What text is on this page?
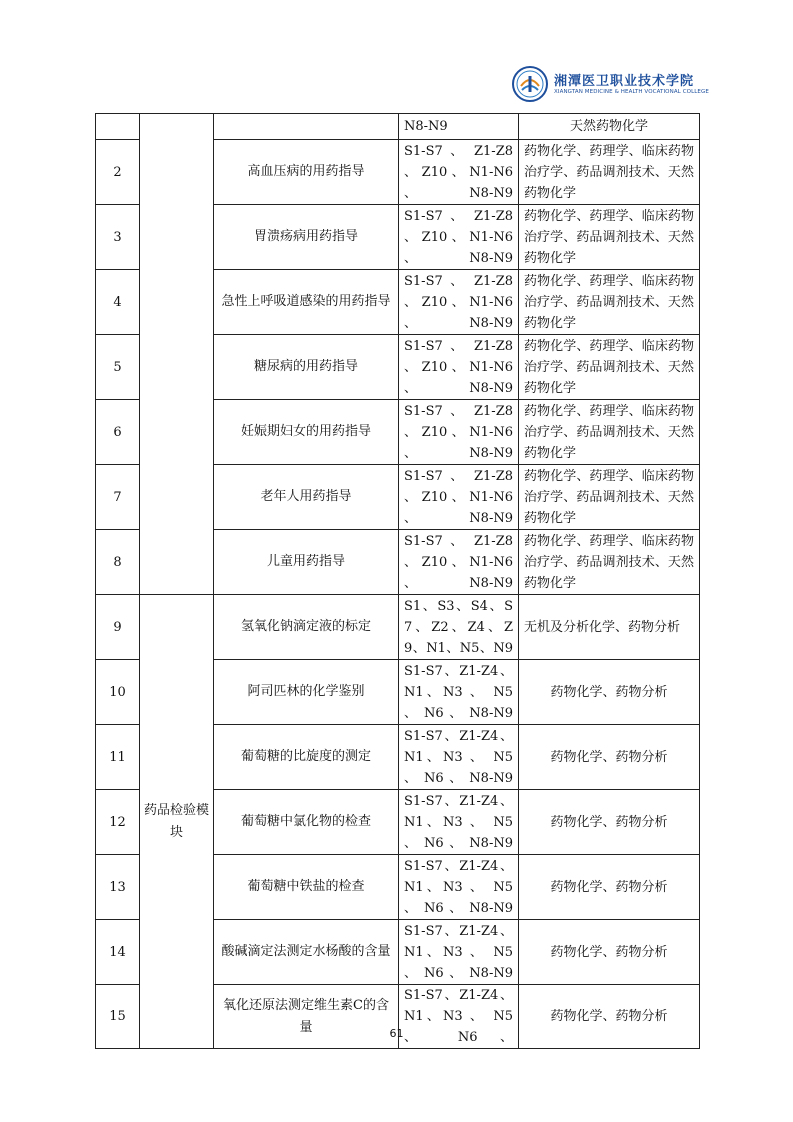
湘潭医卫职业技术学院
XIANGTAN MEDICINE & HEALTH VOCATIONAL COLLEGE
			N8-N9	天然药物化学
2		高血压病的用药指导	S1-S7 、 Z1-Z8 、 Z10 、 N1-N6 、 N8-N9	药物化学、药理学、临床药物治疗学、药品调剂技术、天然药物化学
3		胃溃疡病用药指导	S1-S7 、 Z1-Z8 、 Z10 、 N1-N6 、 N8-N9	药物化学、药理学、临床药物治疗学、药品调剂技术、天然药物化学
4		急性上呼吸道感染的用药指导	S1-S7 、 Z1-Z8 、 Z10 、 N1-N6 、 N8-N9	药物化学、药理学、临床药物治疗学、药品调剂技术、天然药物化学
5		糖尿病的用药指导	S1-S7 、 Z1-Z8 、 Z10 、 N1-N6 、 N8-N9	药物化学、药理学、临床药物治疗学、药品调剂技术、天然药物化学
6		妊娠期妇女的用药指导	S1-S7 、 Z1-Z8 、 Z10 、 N1-N6 、 N8-N9	药物化学、药理学、临床药物治疗学、药品调剂技术、天然药物化学
7		老年人用药指导	S1-S7 、 Z1-Z8 、 Z10 、 N1-N6 、 N8-N9	药物化学、药理学、临床药物治疗学、药品调剂技术、天然药物化学
8		儿童用药指导	S1-S7 、 Z1-Z8 、 Z10 、 N1-N6 、 N8-N9	药物化学、药理学、临床药物治疗学、药品调剂技术、天然药物化学
9	药品检验模块	氢氧化钠滴定液的标定	S1、S3、S4、S7、Z2、Z4、Z9、N1、N5、N9	无机及分析化学、药物分析
10		阿司匹林的化学鉴别	S1-S7、Z1-Z4、N1、N3 、 N5 、 N6 、 N8-N9	药物化学、药物分析
11		葡萄糖的比旋度的测定	S1-S7、Z1-Z4、N1、N3 、 N5 、 N6 、 N8-N9	药物化学、药物分析
12		葡萄糖中氯化物的检查	S1-S7、Z1-Z4、N1、N3 、 N5 、 N6 、 N8-N9	药物化学、药物分析
13		葡萄糖中铁盐的检查	S1-S7、Z1-Z4、N1、N3 、 N5 、 N6 、 N8-N9	药物化学、药物分析
14		酸碱滴定法测定水杨酸的含量	S1-S7、Z1-Z4、N1、N3 、 N5 、 N6 、 N8-N9	药物化学、药物分析
15		氧化还原法测定维生素C的含量	S1-S7、Z1-Z4、N1、N3 、 N5 、 N6 、	药物化学、药物分析
61
